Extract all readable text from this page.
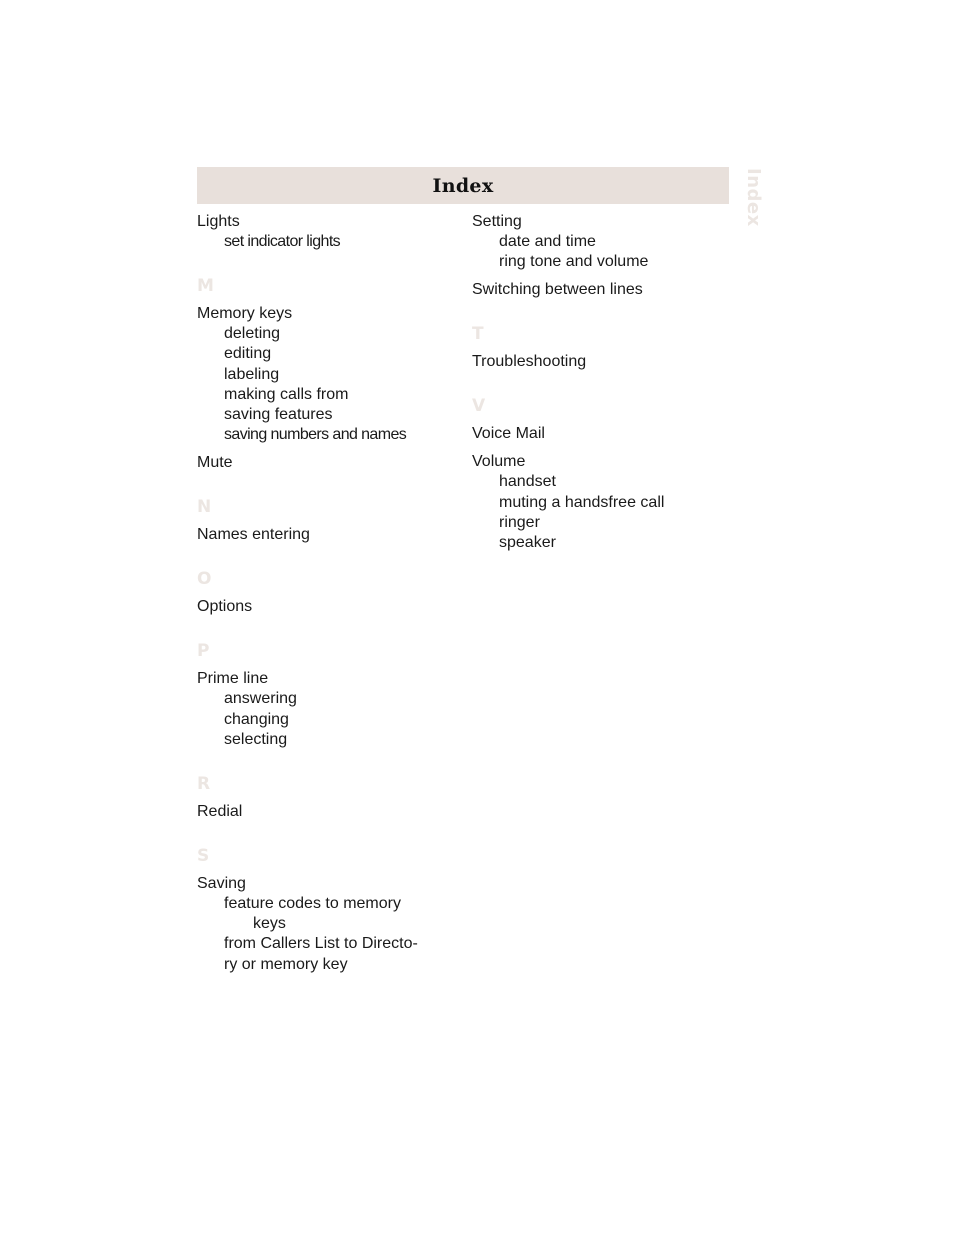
Index	Index
Lights
set indicator lights
M
Memory keys
deleting
editing
labeling
making calls from
saving features
saving numbers and names
Mute
N
Names entering
O
Options
P
Prime line
answering
changing
selecting
R
Redial
S
Saving
feature codes to memory
keys
from Callers List to Directo-
ry or memory key
Setting
date and time
ring tone and volume
Switching between lines
T
Troubleshooting
V
Voice Mail
Volume
handset
muting a handsfree call
ringer
speaker
